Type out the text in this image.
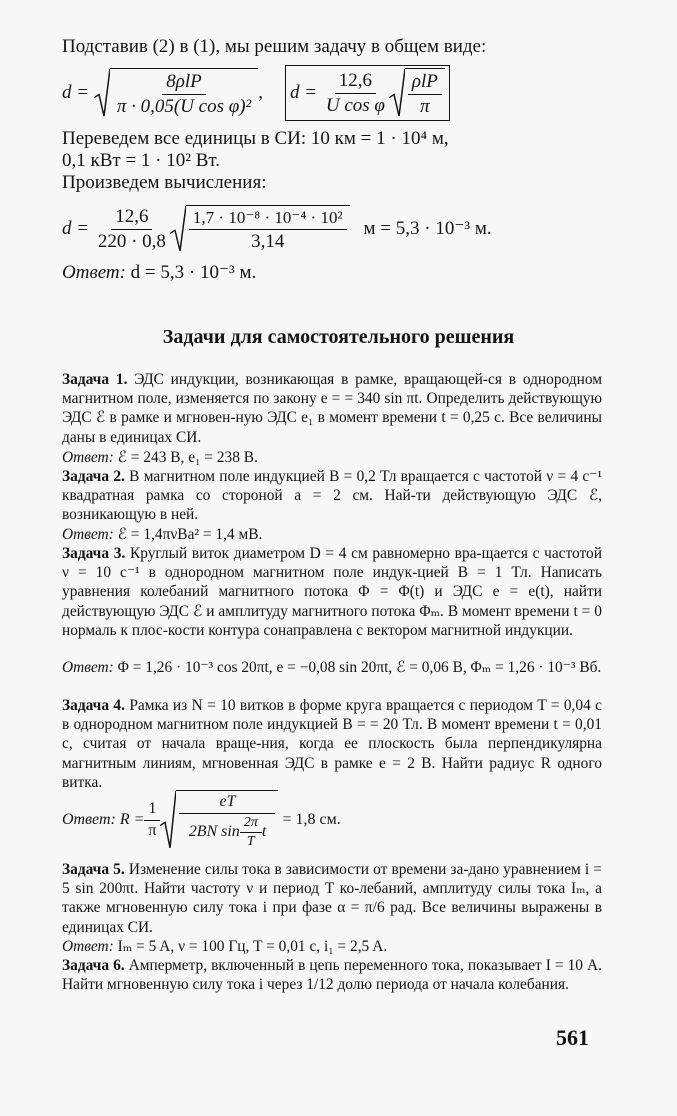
Подставив (2) в (1), мы решим задачу в общем виде:
d =
$\frac{\text{8ρlP}}{\text{π · 0,05(U cos φ)²}}$ , d =
$\frac{12,6}{\text{U cos φ}} \frac{\text{ρlP}}{\pi}$
Переведем все единицы в СИ: 10 км = 1 · 10⁴ м,
0,1 кВт = 1 · 10² Вт.
Произведем вычисления:
d =
$\frac{12,6}{220 \cdot 0,8} \frac{\text{1,7 · 10⁻⁸ · 10⁻⁴ · 10²}}{3,14}$ м = 5,3 · 10⁻³ м.
Ответ: d = 5,3 · 10⁻³ м.
Задачи для самостоятельного решения
Задача 1. ЭДС индукции, возникающая в рамке, вращающей-ся в однородном магнитном поле, изменяется по закону e = = 340 sin πt. Определить действующую ЭДС ℰ в рамке и мгновен-ную ЭДС e₁ в момент времени t = 0,25 с. Все величины даны в единицах СИ.
Ответ: ℰ = 243 В, e₁ = 238 В.
Задача 2. В магнитном поле индукцией B = 0,2 Тл вращается с частотой ν = 4 с⁻¹ квадратная рамка со стороной a = 2 см. Най-ти действующую ЭДС ℰ, возникающую в ней.
Ответ: ℰ = 1,4πνBa² = 1,4 мВ.
Задача 3. Круглый виток диаметром D = 4 см равномерно вра-щается с частотой ν = 10 с⁻¹ в однородном магнитном поле индук-цией B = 1 Тл. Написать уравнения колебаний магнитного потока Φ = Φ(t) и ЭДС e = e(t), найти действующую ЭДС ℰ и амплитуду магнитного потока Φₘ. В момент времени t = 0 нормаль к плос-кости контура сонаправлена с вектором магнитной индукции.
Ответ: Φ = 1,26 · 10⁻³ cos 20πt, e = −0,08 sin 20πt, ℰ = 0,06 В, Φₘ = 1,26 · 10⁻³ Вб.
Задача 4. Рамка из N = 10 витков в форме круга вращается с периодом T = 0,04 с в однородном магнитном поле индукцией B = = 20 Тл. В момент времени t = 0,01 с, считая от начала враще-ния, когда ее плоскость была перпендикулярна магнитным линиям, мгновенная ЭДС в рамке e = 2 В. Найти радиус R одного витка.
Ответ:
$R = \frac{1}{\pi} \frac{eT}{2BN \sin \frac{2\pi}{T} t}$
= 1,8 см.
Задача 5. Изменение силы тока в зависимости от времени за-дано уравнением i = 5 sin 200πt. Найти частоту ν и период T ко-лебаний, амплитуду силы тока Iₘ, а также мгновенную силу тока i при фазе α = π/6 рад. Все величины выражены в единицах СИ.
Ответ: Iₘ = 5 A, ν = 100 Гц, T = 0,01 с, i₁ = 2,5 A.
Задача 6. Амперметр, включенный в цепь переменного тока, показывает I = 10 А. Найти мгновенную силу тока i через 1/12 долю периода от начала колебания.
561
